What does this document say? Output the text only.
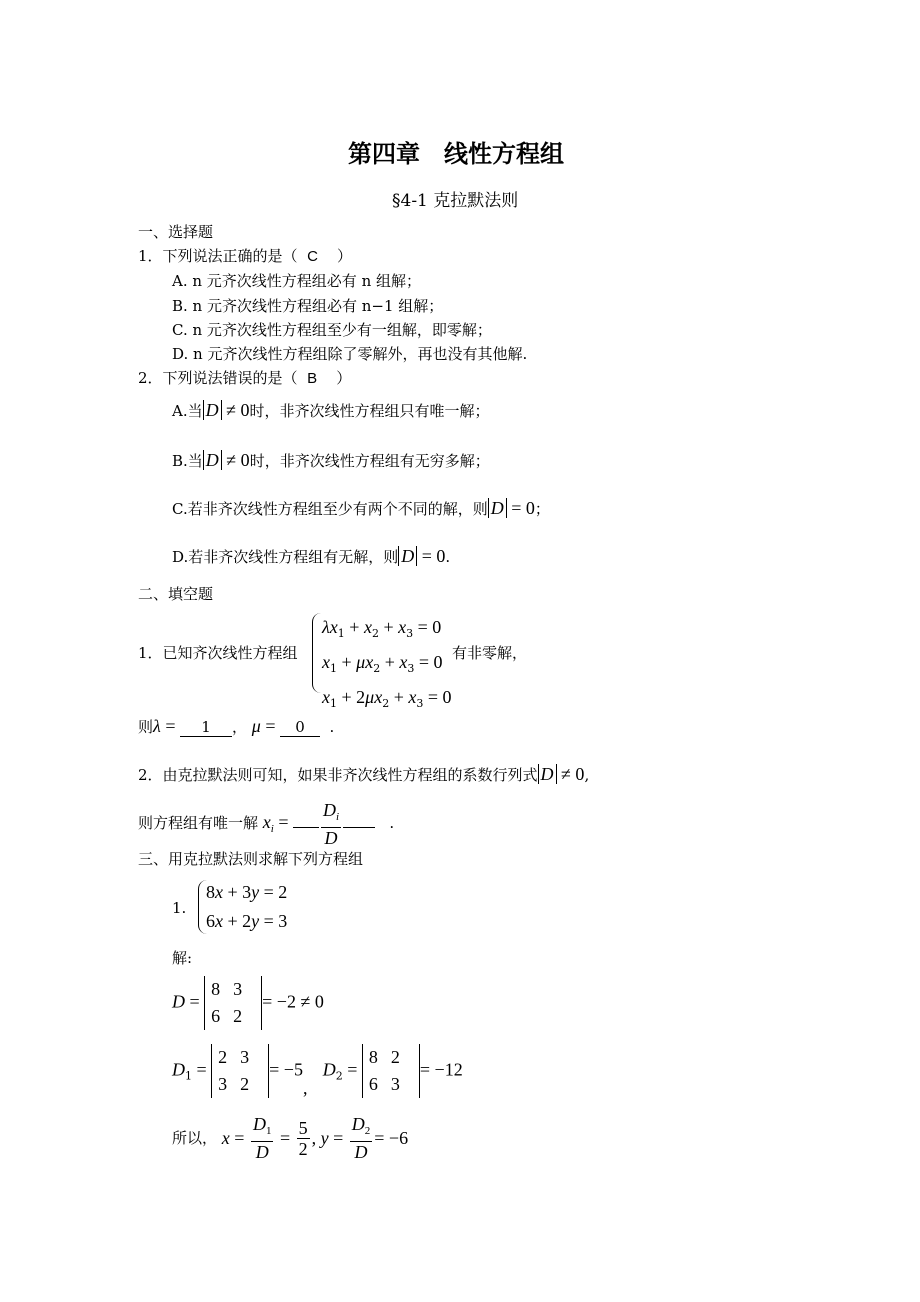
第四章　线性方程组
§4-1 克拉默法则
一、选择题
1．下列说法正确的是（ C ）
A. n 元齐次线性方程组必有 n 组解；
B. n 元齐次线性方程组必有 n−1 组解；
C. n 元齐次线性方程组至少有一组解，即零解；
D. n 元齐次线性方程组除了零解外，再也没有其他解.
2．下列说法错误的是（ B ）
A.当 D ≠ 0时，非齐次线性方程组只有唯一解；
B.当 D ≠ 0时，非齐次线性方程组有无穷多解；
C.若非齐次线性方程组至少有两个不同的解，则 D = 0；
D.若非齐次线性方程组有无解，则 D = 0.
二、填空题
1．已知齐次线性方程组
$\lambda x_1 + x_2 + x_3 = 0$
$x_1 + \mu x_2 + x_3 = 0$
$x_1 + 2\mu x_2 + x_3 = 0$
有非零解，
则λ = 1 ， μ = 0  .
2．由克拉默法则可知，如果非齐次线性方程组的系数行列式 D ≠ 0,
则方程组有唯一解 $x_i = \frac{D_i}{D}$ .
三、用克拉默法则求解下列方程组
1.
8x + 3y = 2
6x + 2y = 3
解:
D = 8 3
6 2= −2 ≠ 0
$D_1 = 2$ 3
3 2= −5,   $D_2 = 8$ 2
6 3= −12
所以， $x = \frac{D_1}{D} = \frac{5}{2}$ , $y = \frac{D_2}{D} = -6$
